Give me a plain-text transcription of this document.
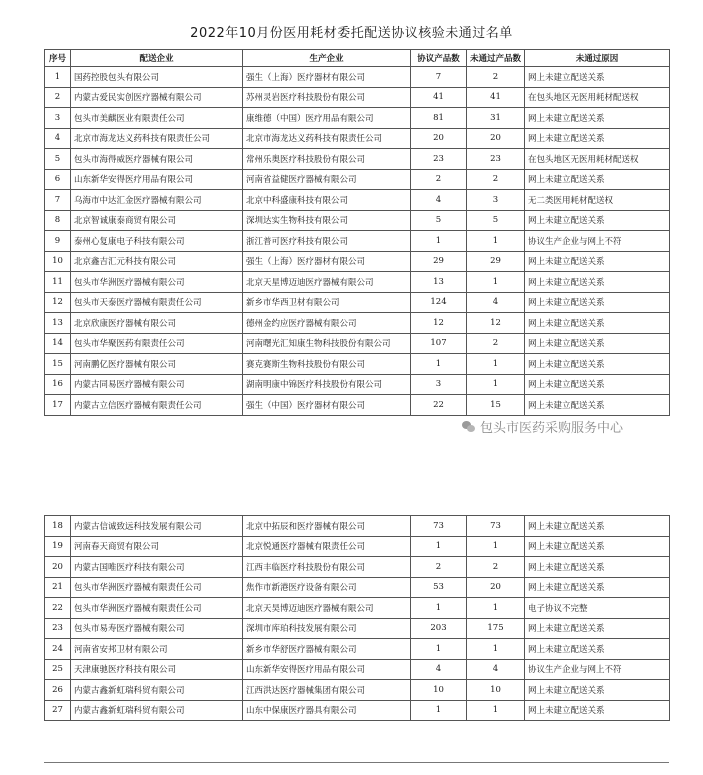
2022年10月份医用耗材委托配送协议核验未通过名单
序号	配送企业	生产企业	协议产品数	未通过产品数	未通过原因
1	国药控股包头有限公司	强生（上海）医疗器材有限公司	7	2	网上未建立配送关系
2	内蒙古爱民实创医疗器械有限公司	苏州灵岩医疗科技股份有限公司	41	41	在包头地区无医用耗材配送权
3	包头市美麒医业有限责任公司	康维德（中国）医疗用品有限公司	81	31	网上未建立配送关系
4	北京市海龙达义药科技有限责任公司	北京市海龙达义药科技有限责任公司	20	20	网上未建立配送关系
5	包头市海得威医疗器械有限公司	常州乐奥医疗科技股份有限公司	23	23	在包头地区无医用耗材配送权
6	山东新华安得医疗用品有限公司	河南省益健医疗器械有限公司	2	2	网上未建立配送关系
7	乌海市中达汇金医疗器械有限公司	北京中科盛康科技有限公司	4	3	无二类医用耗材配送权
8	北京智诚康泰商贸有限公司	深圳达实生物科技有限公司	5	5	网上未建立配送关系
9	泰州心复康电子科技有限公司	浙江普可医疗科技有限公司	1	1	协议生产企业与网上不符
10	北京鑫吉汇元科技有限公司	强生（上海）医疗器材有限公司	29	29	网上未建立配送关系
11	包头市华洲医疗器械有限公司	北京天星博迈迪医疗器械有限公司	13	1	网上未建立配送关系
12	包头市天泰医疗器械有限责任公司	新乡市华西卫材有限公司	124	4	网上未建立配送关系
13	北京欣康医疗器械有限公司	德州金约应医疗器械有限公司	12	12	网上未建立配送关系
14	包头市华聚医药有限责任公司	河南曙光汇知康生物科技股份有限公司	107	2	网上未建立配送关系
15	河南鹏亿医疗器械有限公司	赛克赛斯生物科技股份有限公司	1	1	网上未建立配送关系
16	内蒙古同易医疗器械有限公司	湖南明康中锦医疗科技股份有限公司	3	1	网上未建立配送关系
17	内蒙古立信医疗器械有限责任公司	强生（中国）医疗器材有限公司	22	15	网上未建立配送关系
包头市医药采购服务中心
18	内蒙古信诚致远科技发展有限公司	北京中拓辰和医疗器械有限公司	73	73	网上未建立配送关系
19	河南春天商贸有限公司	北京悦通医疗器械有限责任公司	1	1	网上未建立配送关系
20	内蒙古国唯医疗科技有限公司	江西丰临医疗科技股份有限公司	2	2	网上未建立配送关系
21	包头市华洲医疗器械有限责任公司	焦作市新港医疗设备有限公司	53	20	网上未建立配送关系
22	包头市华洲医疗器械有限责任公司	北京天昊博迈迪医疗器械有限公司	1	1	电子协议不完整
23	包头市易寿医疗器械有限公司	深圳市库珀科技发展有限公司	203	175	网上未建立配送关系
24	河南省安邦卫材有限公司	新乡市华舒医疗器械有限公司	1	1	网上未建立配送关系
25	天津康驰医疗科技有限公司	山东新华安得医疗用品有限公司	4	4	协议生产企业与网上不符
26	内蒙古鑫新虹瑞科贸有限公司	江西洪达医疗器械集团有限公司	10	10	网上未建立配送关系
27	内蒙古鑫新虹瑞科贸有限公司	山东中保康医疗器具有限公司	1	1	网上未建立配送关系
